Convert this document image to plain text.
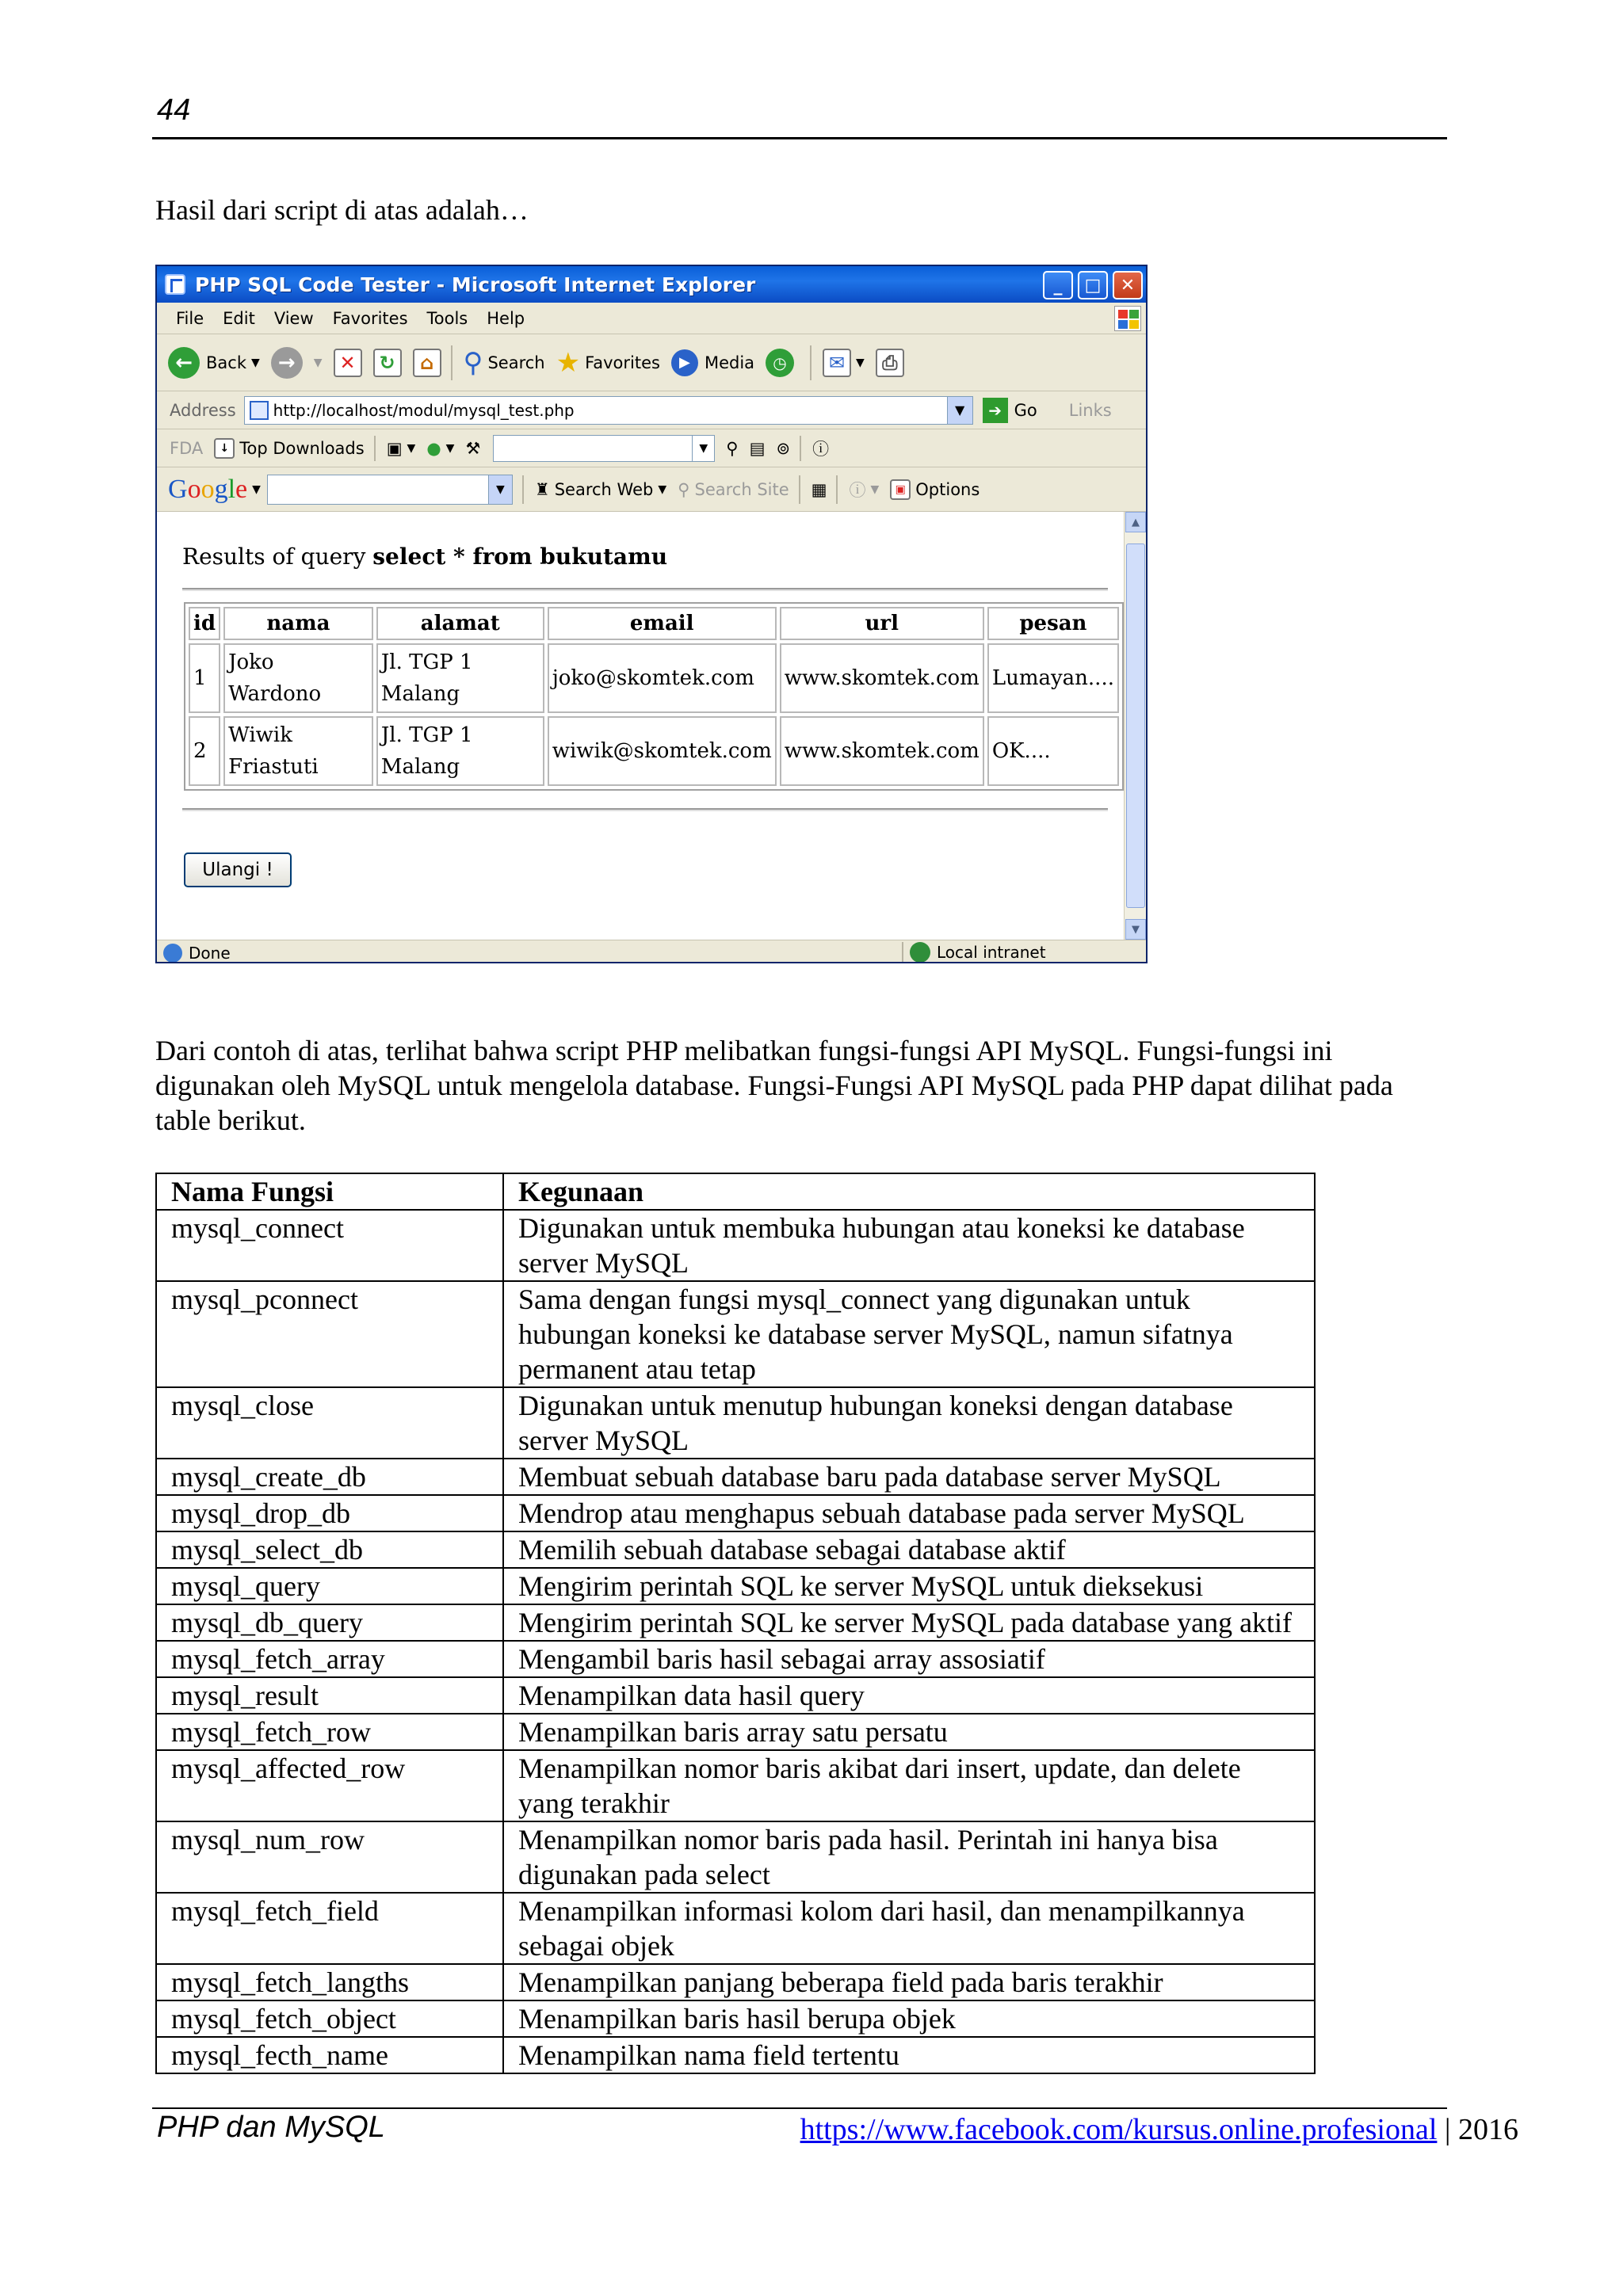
44
Hasil dari script di atas adalah…
PHP SQL Code Tester - Microsoft Internet Explorer	_	□	✕
File Edit View Favorites Tools Help
← Back ▼ →	▼ ✕	↻	⌂ ⚲ Search ★ Favorites	▶ Media	◷	✉ ▼ ⎙
Address http://localhost/modul/mysql_test.php	▼	➔ Go Links
FDA	↓ Top Downloads ▣ ▼ ● ▼ ⚒	▼	⚲ ▤ ⊚ ⓘ
Google ▼	▼	♜ Search Web ▼ ⚲ Search Site ▦ ⓘ ▼	▣ Options
Results of query select * from bukutamu
id	nama	alamat	email	url	pesan
1	Joko Wardono	Jl. TGP 1 Malang	joko@skomtek.com	www.skomtek.com	Lumayan....
2	Wiwik Friastuti	Jl. TGP 1 Malang	wiwik@skomtek.com	www.skomtek.com	OK....
Ulangi !
▲
▼
Done	Local intranet
Dari contoh di atas, terlihat bahwa script PHP melibatkan fungsi-fungsi API MySQL. Fungsi-fungsi ini digunakan oleh MySQL untuk mengelola database. Fungsi-Fungsi API MySQL pada PHP dapat dilihat pada table berikut.
Nama Fungsi	Kegunaan
mysql_connect	Digunakan untuk membuka hubungan atau koneksi ke database server MySQL
mysql_pconnect	Sama dengan fungsi mysql_connect yang digunakan untuk hubungan koneksi ke database server MySQL, namun sifatnya permanent atau tetap
mysql_close	Digunakan untuk menutup hubungan koneksi dengan database server MySQL
mysql_create_db	Membuat sebuah database baru pada database server MySQL
mysql_drop_db	Mendrop atau menghapus sebuah database pada server MySQL
mysql_select_db	Memilih sebuah database sebagai database aktif
mysql_query	Mengirim perintah SQL ke server MySQL untuk dieksekusi
mysql_db_query	Mengirim perintah SQL ke server MySQL pada database yang aktif
mysql_fetch_array	Mengambil baris hasil sebagai array assosiatif
mysql_result	Menampilkan data hasil query
mysql_fetch_row	Menampilkan baris array satu persatu
mysql_affected_row	Menampilkan nomor baris akibat dari insert, update, dan delete yang terakhir
mysql_num_row	Menampilkan nomor baris pada hasil. Perintah ini hanya bisa digunakan pada select
mysql_fetch_field	Menampilkan informasi kolom dari hasil, dan menampilkannya sebagai objek
mysql_fetch_langths	Menampilkan panjang beberapa field pada baris terakhir
mysql_fetch_object	Menampilkan baris hasil berupa objek
mysql_fecth_name	Menampilkan nama field tertentu
PHP dan MySQL	https://www.facebook.com/kursus.online.profesional | 2016
